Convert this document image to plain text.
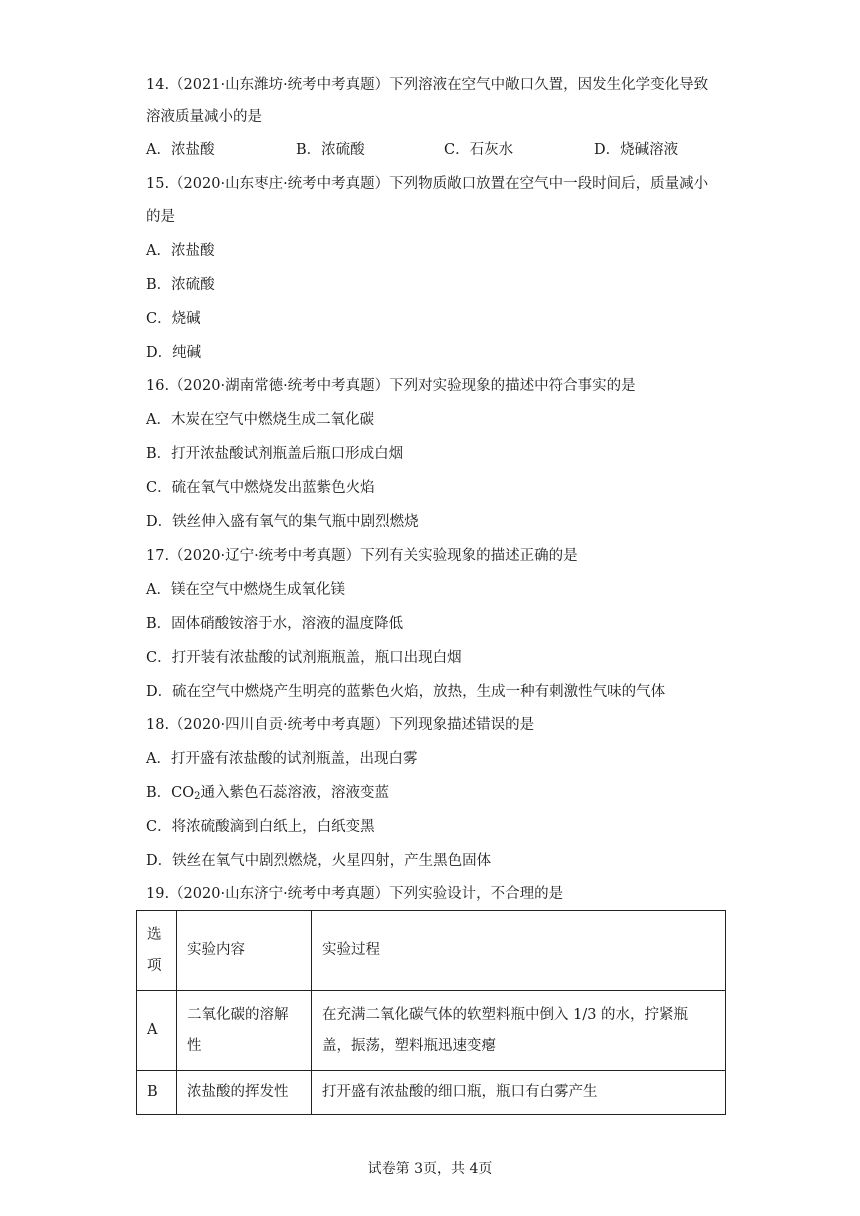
14.（2021·山东潍坊·统考中考真题）下列溶液在空气中敞口久置，因发生化学变化导致
溶液质量减小的是
A．浓盐酸	B．浓硫酸	C．石灰水	D．烧碱溶液
15.（2020·山东枣庄·统考中考真题）下列物质敞口放置在空气中一段时间后，质量减小
的是
A．浓盐酸
B．浓硫酸
C．烧碱
D．纯碱
16.（2020·湖南常德·统考中考真题）下列对实验现象的描述中符合事实的是
A．木炭在空气中燃烧生成二氧化碳
B．打开浓盐酸试剂瓶盖后瓶口形成白烟
C．硫在氧气中燃烧发出蓝紫色火焰
D．铁丝伸入盛有氧气的集气瓶中剧烈燃烧
17.（2020·辽宁·统考中考真题）下列有关实验现象的描述正确的是
A．镁在空气中燃烧生成氧化镁
B．固体硝酸铵溶于水，溶液的温度降低
C．打开装有浓盐酸的试剂瓶瓶盖，瓶口出现白烟
D．硫在空气中燃烧产生明亮的蓝紫色火焰，放热，生成一种有刺激性气味的气体
18.（2020·四川自贡·统考中考真题）下列现象描述错误的是
A．打开盛有浓盐酸的试剂瓶盖，出现白雾
B．$CO_2$通入紫色石蕊溶液，溶液变蓝
C．将浓硫酸滴到白纸上，白纸变黑
D．铁丝在氧气中剧烈燃烧，火星四射，产生黑色固体
19.（2020·山东济宁·统考中考真题）下列实验设计，不合理的是
选项	实验内容	实验过程
A	二氧化碳的溶解性	在充满二氧化碳气体的软塑料瓶中倒入 1/3 的水，拧紧瓶盖，振荡，塑料瓶迅速变瘪
B	浓盐酸的挥发性	打开盛有浓盐酸的细口瓶，瓶口有白雾产生
试卷第 3页，共 4页
